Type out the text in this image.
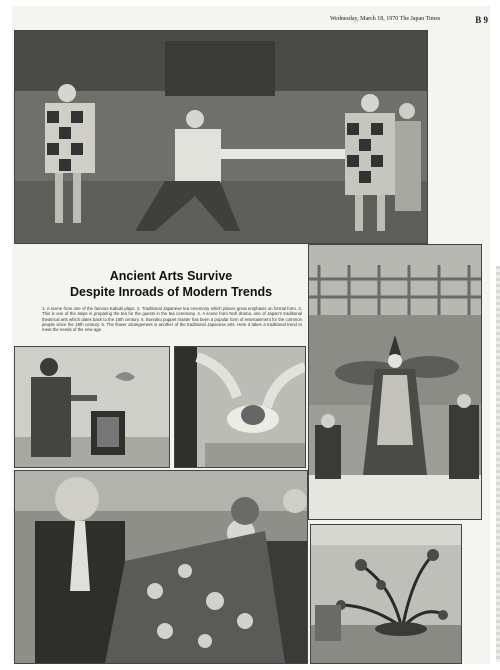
Wednesday, March 18, 1970 The Japan Times	B 9
Ancient Arts Survive
Despite Inroads of Modern Trends
1. A scene from one of the famous Kabuki plays. 2. Traditional Japanese tea ceremony which places great emphasis on formal form. 3. This is one of the steps in preparing the tea for the guests in the tea ceremony. 4. A scene from Noh drama, one of Japan's traditional theatrical arts which dates back to the 15th century. 5. Bunraku puppet master has been a popular form of entertainment for the common people since the 18th century. 6. The flower arrangement is another of the traditional Japanese arts. Here it takes a traditional trend to meet the needs of the new age.
